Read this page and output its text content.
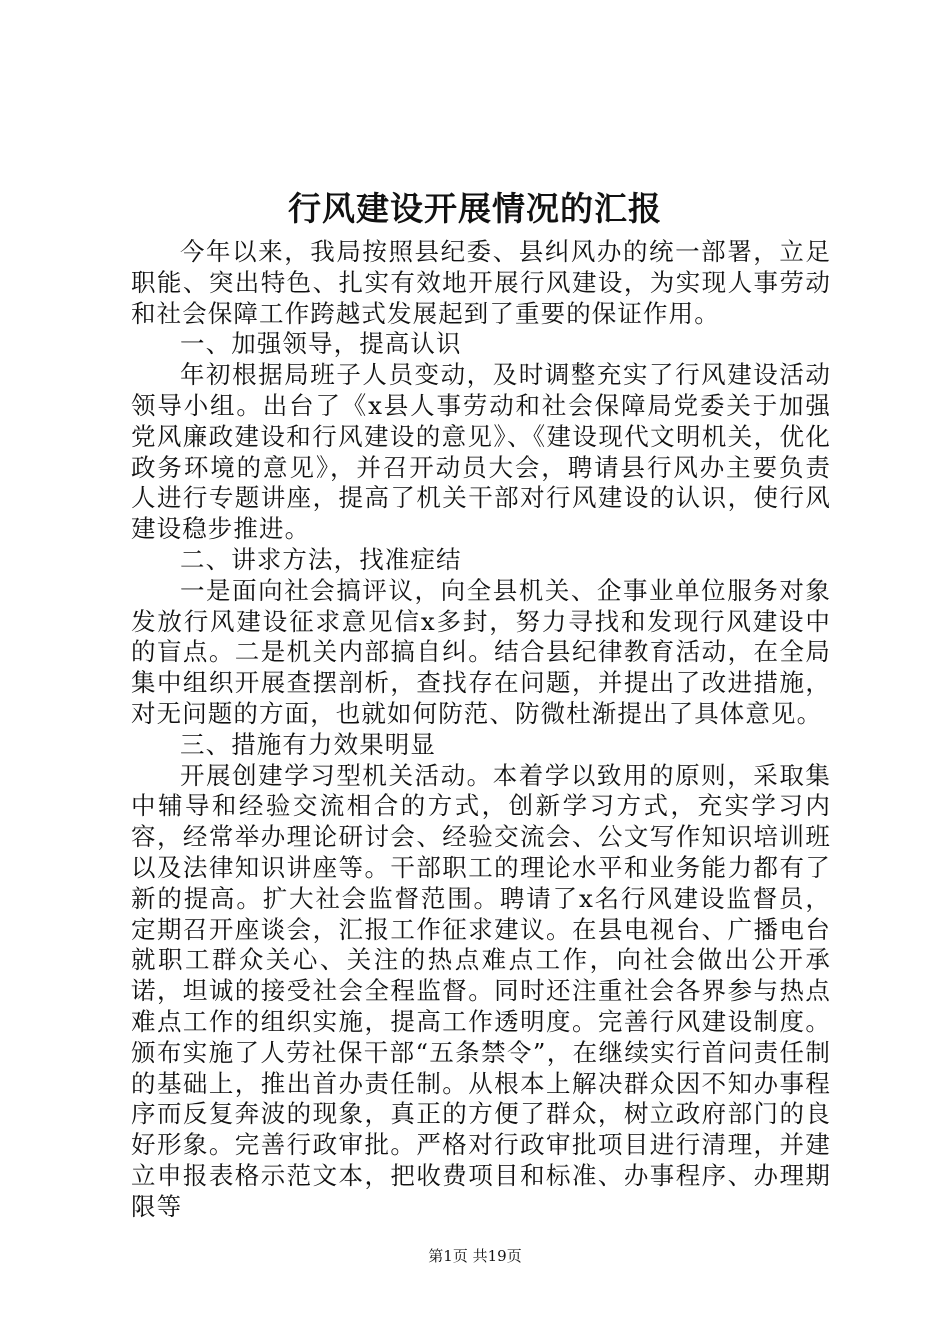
行风建设开展情况的汇报

今年以来，我局按照县纪委、县纠风办的统一部署，立足职能、突出特色、扎实有效地开展行风建设，为实现人事劳动和社会保障工作跨越式发展起到了重要的保证作用。

一、加强领导，提高认识

年初根据局班子人员变动，及时调整充实了行风建设活动领导小组。出台了《x县人事劳动和社会保障局党委关于加强党风廉政建设和行风建设的意见》、《建设现代文明机关，优化政务环境的意见》，并召开动员大会，聘请县行风办主要负责人进行专题讲座，提高了机关干部对行风建设的认识，使行风建设稳步推进。

二、讲求方法，找准症结

一是面向社会搞评议，向全县机关、企事业单位服务对象发放行风建设征求意见信x多封，努力寻找和发现行风建设中的盲点。二是机关内部搞自纠。结合县纪律教育活动，在全局集中组织开展查摆剖析，查找存在问题，并提出了改进措施，对无问题的方面，也就如何防范、防微杜渐提出了具体意见。

三、措施有力效果明显

开展创建学习型机关活动。本着学以致用的原则，采取集中辅导和经验交流相合的方式，创新学习方式，充实学习内容，经常举办理论研讨会、经验交流会、公文写作知识培训班以及法律知识讲座等。干部职工的理论水平和业务能力都有了新的提高。扩大社会监督范围。聘请了x名行风建设监督员，定期召开座谈会，汇报工作征求建议。在县电视台、广播电台就职工群众关心、关注的热点难点工作，向社会做出公开承诺，坦诚的接受社会全程监督。同时还注重社会各界参与热点难点工作的组织实施，提高工作透明度。完善行风建设制度。颁布实施了人劳社保干部“五条禁令”，在继续实行首问责任制的基础上，推出首办责任制。从根本上解决群众因不知办事程序而反复奔波的现象，真正的方便了群众，树立政府部门的良好形象。完善行政审批。严格对行政审批项目进行清理，并建立申报表格示范文本，把收费项目和标准、办事程序、办理期限等

第1页 共19页
